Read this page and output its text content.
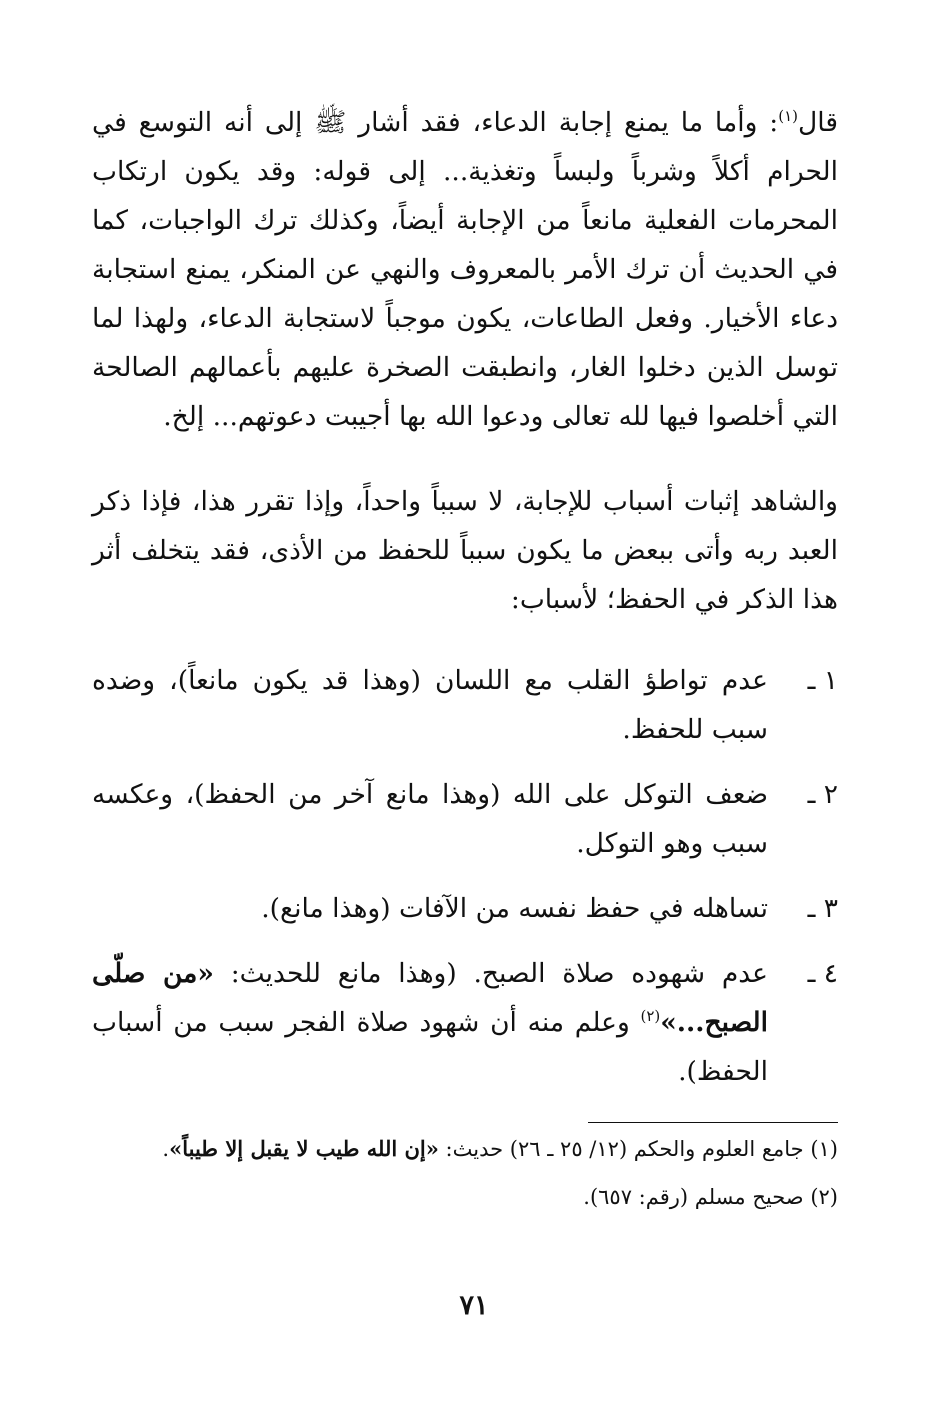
قال$^{(١)}$: وأما ما يمنع إجابة الدعاء، فقد أشار ﷺ إلى أنه التوسع في الحرام أكلاً وشرباً ولبساً وتغذية... إلى قوله: وقد يكون ارتكاب المحرمات الفعلية مانعاً من الإجابة أيضاً، وكذلك ترك الواجبات، كما في الحديث أن ترك الأمر بالمعروف والنهي عن المنكر، يمنع استجابة دعاء الأخيار. وفعل الطاعات، يكون موجباً لاستجابة الدعاء، ولهذا لما توسل الذين دخلوا الغار، وانطبقت الصخرة عليهم بأعمالهم الصالحة التي أخلصوا فيها لله تعالى ودعوا الله بها أجيبت دعوتهم... إلخ.

والشاهد إثبات أسباب للإجابة، لا سبباً واحداً، وإذا تقرر هذا، فإذا ذكر العبد ربه وأتى ببعض ما يكون سبباً للحفظ من الأذى، فقد يتخلف أثر هذا الذكر في الحفظ؛ لأسباب:

١ ـ
عدم تواطؤ القلب مع اللسان (وهذا قد يكون مانعاً)، وضده سبب للحفظ.
٢ ـ
ضعف التوكل على الله (وهذا مانع آخر من الحفظ)، وعكسه سبب وهو التوكل.
٣ ـ
تساهله في حفظ نفسه من الآفات (وهذا مانع).
٤ ـ
عدم شهوده صلاة الصبح. (وهذا مانع للحديث: «من صلّى الصبح...»$^{(٢)}$ وعلم منه أن شهود صلاة الفجر سبب من أسباب الحفظ).

(١) جامع العلوم والحكم (١٢/ ٢٥ ـ ٢٦) حديث: «إن الله طيب لا يقبل إلا طيباً».

(٢) صحيح مسلم (رقم: ٦٥٧).

٧١
